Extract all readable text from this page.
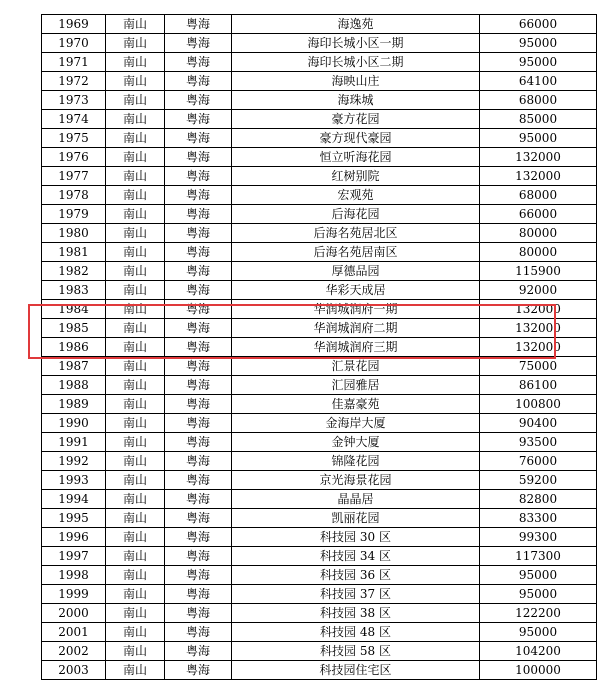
1969	南山	粤海	海逸苑	66000
1970	南山	粤海	海印长城小区一期	95000
1971	南山	粤海	海印长城小区二期	95000
1972	南山	粤海	海映山庄	64100
1973	南山	粤海	海珠城	68000
1974	南山	粤海	豪方花园	85000
1975	南山	粤海	豪方现代豪园	95000
1976	南山	粤海	恒立听海花园	132000
1977	南山	粤海	红树别院	132000
1978	南山	粤海	宏观苑	68000
1979	南山	粤海	后海花园	66000
1980	南山	粤海	后海名苑居北区	80000
1981	南山	粤海	后海名苑居南区	80000
1982	南山	粤海	厚德品园	115900
1983	南山	粤海	华彩天成居	92000
1984	南山	粤海	华润城润府一期	132000
1985	南山	粤海	华润城润府二期	132000
1986	南山	粤海	华润城润府三期	132000
1987	南山	粤海	汇景花园	75000
1988	南山	粤海	汇园雅居	86100
1989	南山	粤海	佳嘉豪苑	100800
1990	南山	粤海	金海岸大厦	90400
1991	南山	粤海	金钟大厦	93500
1992	南山	粤海	锦隆花园	76000
1993	南山	粤海	京光海景花园	59200
1994	南山	粤海	晶晶居	82800
1995	南山	粤海	凯丽花园	83300
1996	南山	粤海	科技园 30 区	99300
1997	南山	粤海	科技园 34 区	117300
1998	南山	粤海	科技园 36 区	95000
1999	南山	粤海	科技园 37 区	95000
2000	南山	粤海	科技园 38 区	122200
2001	南山	粤海	科技园 48 区	95000
2002	南山	粤海	科技园 58 区	104200
2003	南山	粤海	科技园住宅区	100000
